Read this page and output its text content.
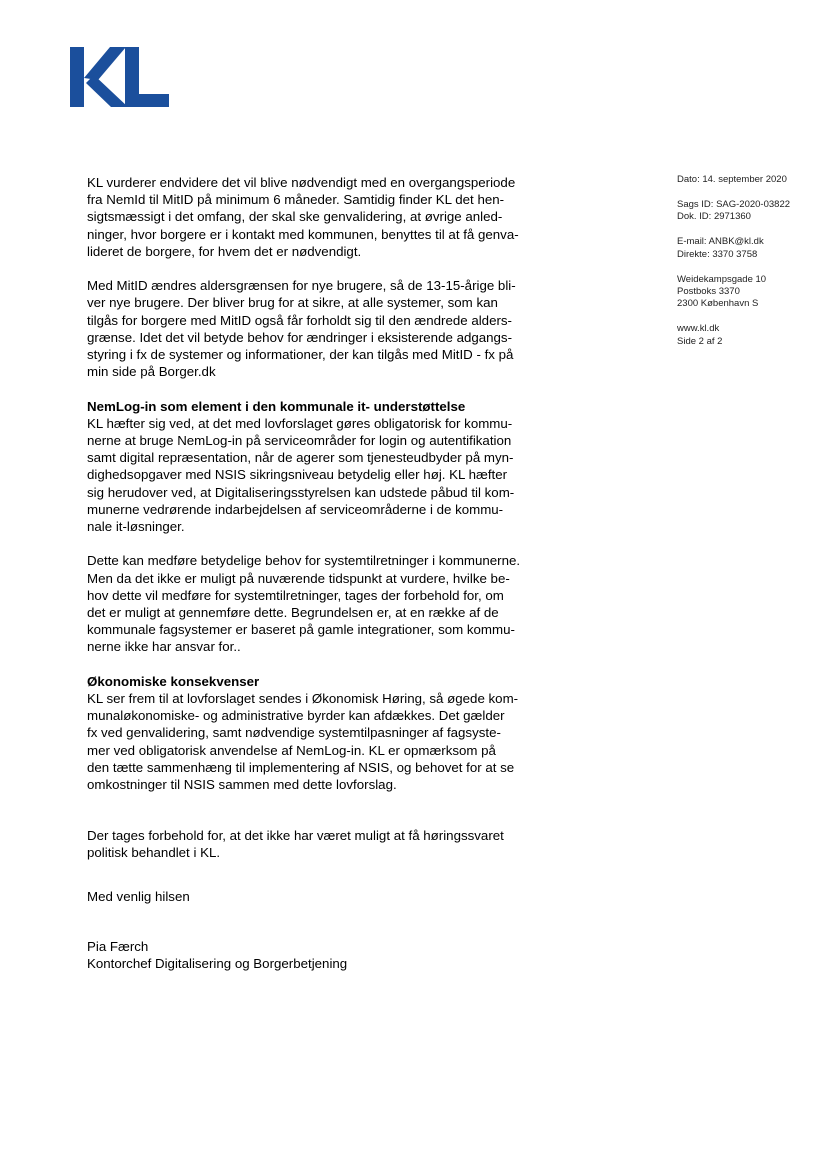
Dato: 14. september 2020
Sags ID: SAG-2020-03822
Dok. ID: 2971360
E-mail: ANBK@kl.dk
Direkte: 3370 3758
Weidekampsgade 10
Postboks 3370
2300 København S
www.kl.dk
Side 2 af 2
KL vurderer endvidere det vil blive nødvendigt med en overgangsperiode
fra NemId til MitID på minimum 6 måneder. Samtidig finder KL det hen-
sigtsmæssigt i det omfang, der skal ske genvalidering, at øvrige anled-
ninger, hvor borgere er i kontakt med kommunen, benyttes til at få genva-
lideret de borgere, for hvem det er nødvendigt.
Med MitID ændres aldersgrænsen for nye brugere, så de 13-15-årige bli-
ver nye brugere. Der bliver brug for at sikre, at alle systemer, som kan
tilgås for borgere med MitID også får forholdt sig til den ændrede alders-
grænse. Idet det vil betyde behov for ændringer i eksisterende adgangs-
styring i fx de systemer og informationer, der kan tilgås med MitID - fx på
min side på Borger.dk
NemLog-in som element i den kommunale it- understøttelse
KL hæfter sig ved, at det med lovforslaget gøres obligatorisk for kommu-
nerne at bruge NemLog-in på serviceområder for login og autentifikation
samt digital repræsentation, når de agerer som tjenesteudbyder på myn-
dighedsopgaver med NSIS sikringsniveau betydelig eller høj. KL hæfter
sig herudover ved, at Digitaliseringsstyrelsen kan udstede påbud til kom-
munerne vedrørende indarbejdelsen af serviceområderne i de kommu-
nale it-løsninger.
Dette kan medføre betydelige behov for systemtilretninger i kommunerne.
Men da det ikke er muligt på nuværende tidspunkt at vurdere, hvilke be-
hov dette vil medføre for systemtilretninger, tages der forbehold for, om
det er muligt at gennemføre dette. Begrundelsen er, at en række af de
kommunale fagsystemer er baseret på gamle integrationer, som kommu-
nerne ikke har ansvar for..
Økonomiske konsekvenser
KL ser frem til at lovforslaget sendes i Økonomisk Høring, så øgede kom-
munaløkonomiske- og administrative byrder kan afdækkes. Det gælder
fx ved genvalidering, samt nødvendige systemtilpasninger af fagsyste-
mer ved obligatorisk anvendelse af NemLog-in. KL er opmærksom på
den tætte sammenhæng til implementering af NSIS, og behovet for at se
omkostninger til NSIS sammen med dette lovforslag.
Der tages forbehold for, at det ikke har været muligt at få høringssvaret
politisk behandlet i KL.
Med venlig hilsen
Pia Færch
Kontorchef Digitalisering og Borgerbetjening
